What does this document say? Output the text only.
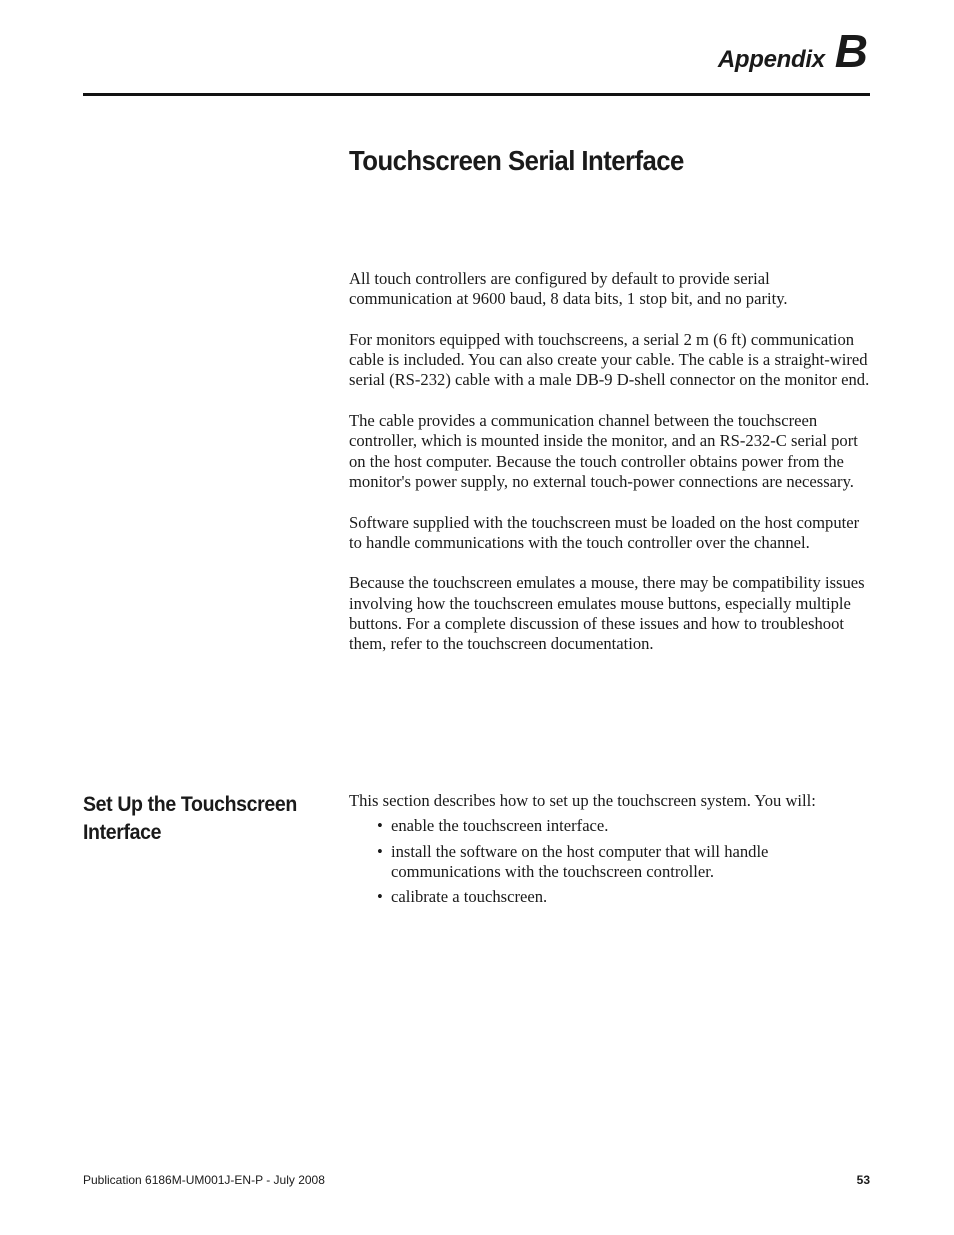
Appendix B
Touchscreen Serial Interface

All touch controllers are configured by default to provide serial communication at 9600 baud, 8 data bits, 1 stop bit, and no parity.

For monitors equipped with touchscreens, a serial 2 m (6 ft) communication cable is included. You can also create your cable. The cable is a straight-wired serial (RS-232) cable with a male DB-9 D-shell connector on the monitor end.

The cable provides a communication channel between the touchscreen controller, which is mounted inside the monitor, and an RS-232-C serial port on the host computer. Because the touch controller obtains power from the monitor's power supply, no external touch-power connections are necessary.

Software supplied with the touchscreen must be loaded on the host computer to handle communications with the touch controller over the channel.

Because the touchscreen emulates a mouse, there may be compatibility issues involving how the touchscreen emulates mouse buttons, especially multiple buttons. For a complete discussion of these issues and how to troubleshoot them, refer to the touchscreen documentation.

Set Up the Touchscreen Interface

This section describes how to set up the touchscreen system. You will:

• enable the touchscreen interface.
• install the software on the host computer that will handle communications with the touchscreen controller.
• calibrate a touchscreen.
Publication 6186M-UM001J-EN-P - July 2008	53
